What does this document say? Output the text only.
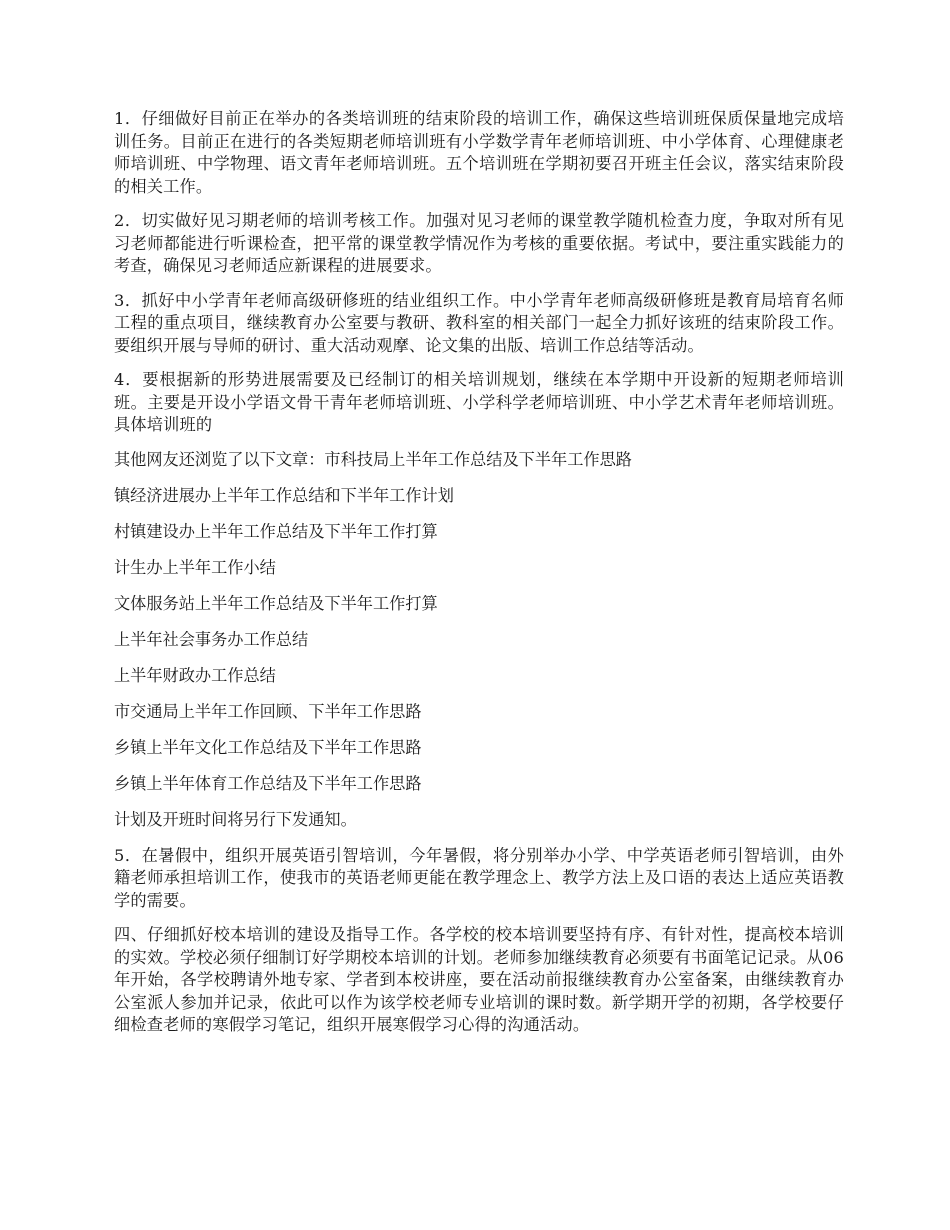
1．仔细做好目前正在举办的各类培训班的结束阶段的培训工作，确保这些培训班保质保量地完成培训任务。目前正在进行的各类短期老师培训班有小学数学青年老师培训班、中小学体育、心理健康老师培训班、中学物理、语文青年老师培训班。五个培训班在学期初要召开班主任会议，落实结束阶段的相关工作。

2．切实做好见习期老师的培训考核工作。加强对见习老师的课堂教学随机检查力度，争取对所有见习老师都能进行听课检查，把平常的课堂教学情况作为考核的重要依据。考试中，要注重实践能力的考查，确保见习老师适应新课程的进展要求。

3．抓好中小学青年老师高级研修班的结业组织工作。中小学青年老师高级研修班是教育局培育名师工程的重点项目，继续教育办公室要与教研、教科室的相关部门一起全力抓好该班的结束阶段工作。要组织开展与导师的研讨、重大活动观摩、论文集的出版、培训工作总结等活动。

4．要根据新的形势进展需要及已经制订的相关培训规划，继续在本学期中开设新的短期老师培训班。主要是开设小学语文骨干青年老师培训班、小学科学老师培训班、中小学艺术青年老师培训班。具体培训班的

其他网友还浏览了以下文章：市科技局上半年工作总结及下半年工作思路

镇经济进展办上半年工作总结和下半年工作计划

村镇建设办上半年工作总结及下半年工作打算

计生办上半年工作小结

文体服务站上半年工作总结及下半年工作打算

上半年社会事务办工作总结

上半年财政办工作总结

市交通局上半年工作回顾、下半年工作思路

乡镇上半年文化工作总结及下半年工作思路

乡镇上半年体育工作总结及下半年工作思路

计划及开班时间将另行下发通知。

5．在暑假中，组织开展英语引智培训，今年暑假，将分别举办小学、中学英语老师引智培训，由外籍老师承担培训工作，使我市的英语老师更能在教学理念上、教学方法上及口语的表达上适应英语教学的需要。

四、仔细抓好校本培训的建设及指导工作。各学校的校本培训要坚持有序、有针对性，提高校本培训的实效。学校必须仔细制订好学期校本培训的计划。老师参加继续教育必须要有书面笔记记录。从06年开始，各学校聘请外地专家、学者到本校讲座，要在活动前报继续教育办公室备案，由继续教育办公室派人参加并记录，依此可以作为该学校老师专业培训的课时数。新学期开学的初期，各学校要仔细检查老师的寒假学习笔记，组织开展寒假学习心得的沟通活动。
